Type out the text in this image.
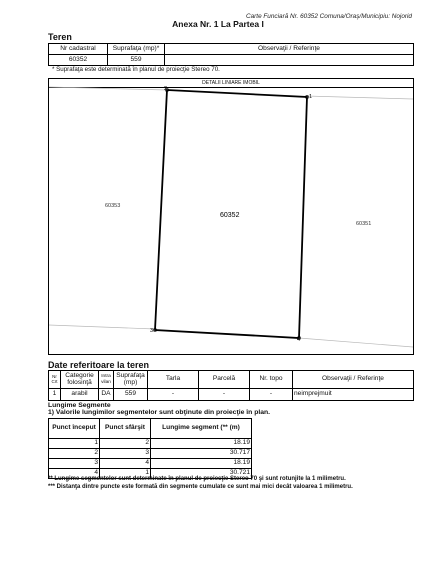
Carte Funciară Nr. 60352 Comuna/Oraş/Municipiu: Nojorid
Anexa Nr. 1 La Partea I
Teren
Nr cadastral	Suprafaţa (mp)*	Observaţii / Referinţe
60352	559	
* Suprafaţa este determinată în planul de proiecţie Stereo 70.
DETALII LINIARE IMOBIL
1
2
3
4
60352
60353
60351
Date referitoare la teren
Nr Crt	Categorie folosinţă	Intra vilan	Suprafaţa (mp)	Tarla	Parcelă	Nr. topo	Observaţii / Referinţe
1	arabil	DA	559	-	-	-	neimprejmuit
Lungime Segmente
1) Valorile lungimilor segmentelor sunt obţinute din proiecţie în plan.
Punct început	Punct sfârşit	Lungime segment (** (m)
1	2	18.19
2	3	30.717
3	4	18.19
4	1	30.721
** Lungime segmentelor sunt determinate în planul de proiecţie Stereo 70 şi sunt rotunjite la 1 milimetru.
*** Distanţa dintre puncte este formată din segmente cumulate ce sunt mai mici decât valoarea 1 milimetru.
